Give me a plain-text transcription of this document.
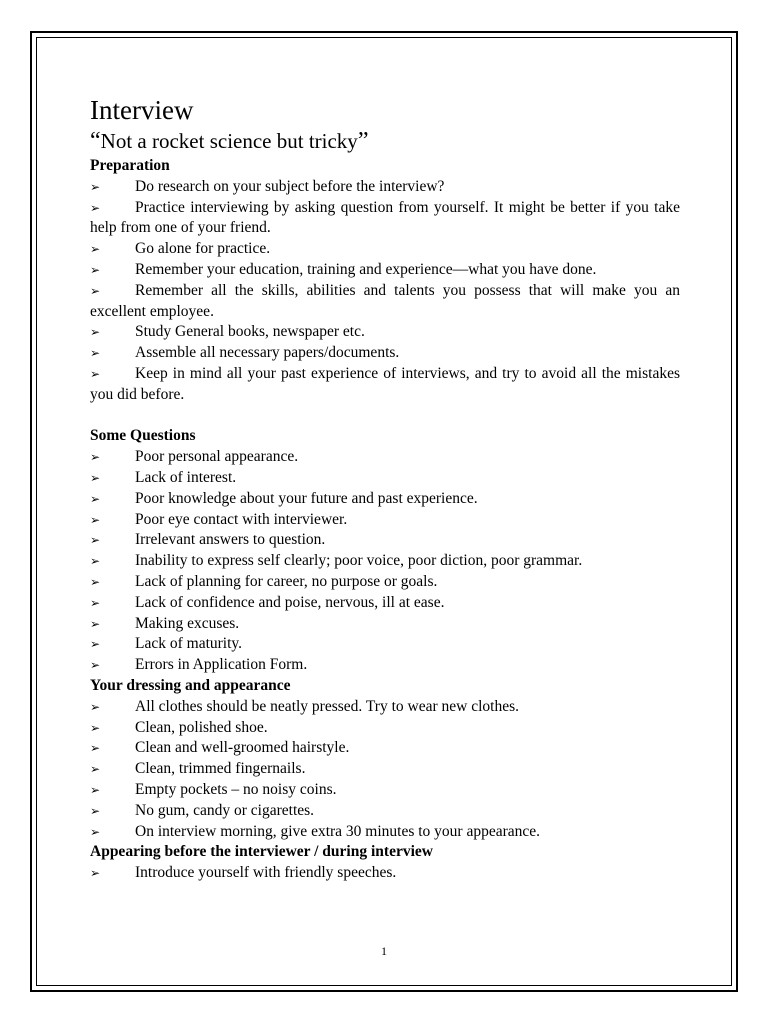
Interview

“Not a rocket science but tricky”

Preparation

➢ Do research on your subject before the interview?
➢ Practice interviewing by asking question from yourself. It might be better if you take help from one of your friend.
➢ Go alone for practice.
➢ Remember your education, training and experience—what you have done.
➢ Remember all the skills, abilities and talents you possess that will make you an excellent employee.
➢ Study General books, newspaper etc.
➢ Assemble all necessary papers/documents.
➢ Keep in mind all your past experience of interviews, and try to avoid all the mistakes you did before.

Some Questions

➢ Poor personal appearance.
➢ Lack of interest.
➢ Poor knowledge about your future and past experience.
➢ Poor eye contact with interviewer.
➢ Irrelevant answers to question.
➢ Inability to express self clearly; poor voice, poor diction, poor grammar.
➢ Lack of planning for career, no purpose or goals.
➢ Lack of confidence and poise, nervous, ill at ease.
➢ Making excuses.
➢ Lack of maturity.
➢ Errors in Application Form.

Your dressing and appearance

➢ All clothes should be neatly pressed. Try to wear new clothes.
➢ Clean, polished shoe.
➢ Clean and well-groomed hairstyle.
➢ Clean, trimmed fingernails.
➢ Empty pockets – no noisy coins.
➢ No gum, candy or cigarettes.
➢ On interview morning, give extra 30 minutes to your appearance.

Appearing before the interviewer / during interview

➢ Introduce yourself with friendly speeches.
1
